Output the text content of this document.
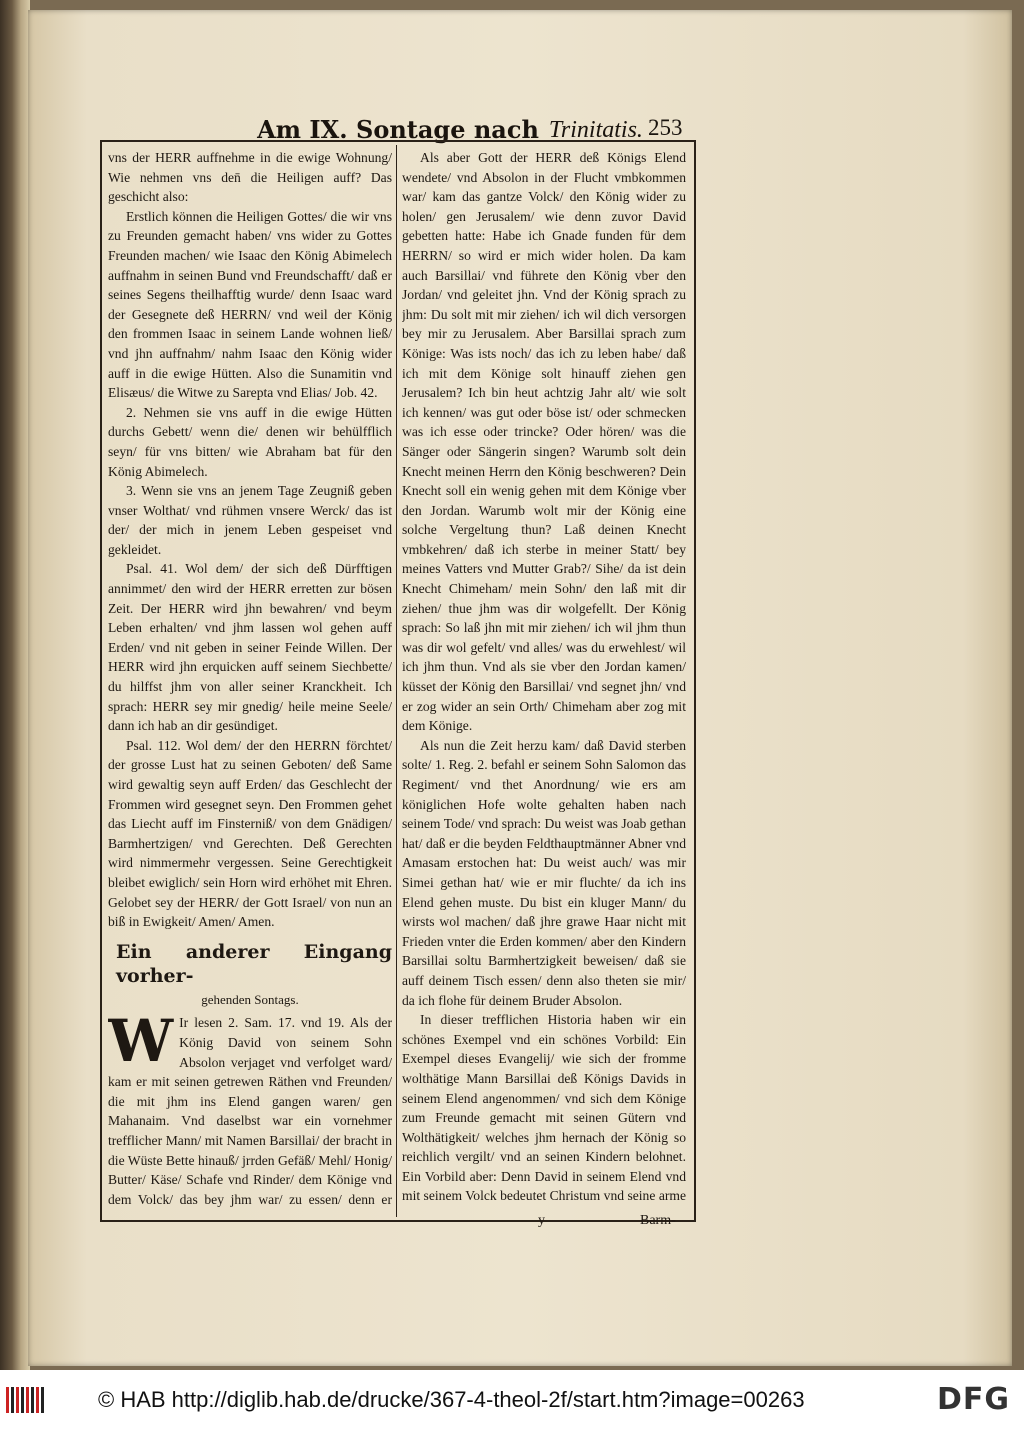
Am IX. Sontage nach Trinitatis. 253

vns der HERR auffnehme in die ewige Wohnung/ Wie nehmen vns den̄ die Heiligen auff? Das geschicht also:

Erstlich können die Heiligen Gottes/ die wir vns zu Freunden gemacht haben/ vns wider zu Gottes Freunden machen/ wie Isaac den König Abimelech auffnahm in seinen Bund vnd Freundschafft/ daß er seines Segens theilhafftig wurde/ denn Isaac ward der Gesegnete deß HERRN/ vnd weil der König den frommen Isaac in seinem Lande wohnen ließ/ vnd jhn auffnahm/ nahm Isaac den König wider auff in die ewige Hütten. Also die Sunamitin vnd Elisæus/ die Witwe zu Sarepta vnd Elias/ Job. 42.

2. Nehmen sie vns auff in die ewige Hütten durchs Gebett/ wenn die/ denen wir behülfflich seyn/ für vns bitten/ wie Abraham bat für den König Abimelech.

3. Wenn sie vns an jenem Tage Zeugniß geben vnser Wolthat/ vnd rühmen vnsere Werck/ das ist der/ der mich in jenem Leben gespeiset vnd gekleidet.

Psal. 41. Wol dem/ der sich deß Dürfftigen annimmet/ den wird der HERR erretten zur bösen Zeit. Der HERR wird jhn bewahren/ vnd beym Leben erhalten/ vnd jhm lassen wol gehen auff Erden/ vnd nit geben in seiner Feinde Willen. Der HERR wird jhn erquicken auff seinem Siechbette/ du hilffst jhm von aller seiner Kranckheit. Ich sprach: HERR sey mir gnedig/ heile meine Seele/ dann ich hab an dir gesündiget.

Psal. 112. Wol dem/ der den HERRN förchtet/ der grosse Lust hat zu seinen Geboten/ deß Same wird gewaltig seyn auff Erden/ das Geschlecht der Frommen wird gesegnet seyn. Den Frommen gehet das Liecht auff im Finsterniß/ von dem Gnädigen/ Barmhertzigen/ vnd Gerechten. Deß Gerechten wird nimmermehr vergessen. Seine Gerechtigkeit bleibet ewiglich/ sein Horn wird erhöhet mit Ehren. Gelobet sey der HERR/ der Gott Israel/ von nun an biß in Ewigkeit/ Amen/ Amen.

Ein anderer Eingang vorher-
gehenden Sontags.

W Ir lesen 2. Sam. 17. vnd 19. Als der König David von seinem Sohn Absolon verjaget vnd verfolget ward/ kam er mit seinen getrewen Räthen vnd Freunden/ die mit jhm ins Elend gangen waren/ gen Mahanaim. Vnd daselbst war ein vornehmer trefflicher Mann/ mit Namen Barsillai/ der bracht in die Wüste Bette hinauß/ jrrden Gefäß/ Mehl/ Honig/ Butter/ Käse/ Schafe vnd Rinder/ dem Könige vnd dem Volck/ das bey jhm war/ zu essen/ denn er

Als aber Gott der HERR deß Königs Elend wendete/ vnd Absolon in der Flucht vmbkommen war/ kam das gantze Volck/ den König wider zu holen/ gen Jerusalem/ wie denn zuvor David gebetten hatte: Habe ich Gnade funden für dem HERRN/ so wird er mich wider holen. Da kam auch Barsillai/ vnd führete den König vber den Jordan/ vnd geleitet jhn. Vnd der König sprach zu jhm: Du solt mit mir ziehen/ ich wil dich versorgen bey mir zu Jerusalem. Aber Barsillai sprach zum Könige: Was ists noch/ das ich zu leben habe/ daß ich mit dem Könige solt hinauff ziehen gen Jerusalem? Ich bin heut achtzig Jahr alt/ wie solt ich kennen/ was gut oder böse ist/ oder schmecken was ich esse oder trincke? Oder hören/ was die Sänger oder Sängerin singen? Warumb solt dein Knecht meinen Herrn den König beschweren? Dein Knecht soll ein wenig gehen mit dem Könige vber den Jordan. Warumb wolt mir der König eine solche Vergeltung thun? Laß deinen Knecht vmbkehren/ daß ich sterbe in meiner Statt/ bey meines Vatters vnd Mutter Grab?/ Sihe/ da ist dein Knecht Chimeham/ mein Sohn/ den laß mit dir ziehen/ thue jhm was dir wolgefellt. Der König sprach: So laß jhn mit mir ziehen/ ich wil jhm thun was dir wol gefelt/ vnd alles/ was du erwehlest/ wil ich jhm thun. Vnd als sie vber den Jordan kamen/ küsset der König den Barsillai/ vnd segnet jhn/ vnd er zog wider an sein Orth/ Chimeham aber zog mit dem Könige.

Als nun die Zeit herzu kam/ daß David sterben solte/ 1. Reg. 2. befahl er seinem Sohn Salomon das Regiment/ vnd thet Anordnung/ wie ers am königlichen Hofe wolte gehalten haben nach seinem Tode/ vnd sprach: Du weist was Joab gethan hat/ daß er die beyden Feldthauptmänner Abner vnd Amasam erstochen hat: Du weist auch/ was mir Simei gethan hat/ wie er mir fluchte/ da ich ins Elend gehen muste. Du bist ein kluger Mann/ du wirsts wol machen/ daß jhre grawe Haar nicht mit Frieden vnter die Erden kommen/ aber den Kindern Barsillai soltu Barmhertzigkeit beweisen/ daß sie auff deinem Tisch essen/ denn also theten sie mir/ da ich flohe für deinem Bruder Absolon.

In dieser trefflichen Historia haben wir ein schönes Exempel vnd ein schönes Vorbild: Ein Exempel dieses Evangelij/ wie sich der fromme wolthätige Mann Barsillai deß Königs Davids in seinem Elend angenommen/ vnd sich dem Könige zum Freunde gemacht mit seinen Gütern vnd Wolthätigkeit/ welches jhm hernach der König so reichlich vergilt/ vnd an seinen Kindern belohnet. Ein Vorbild aber: Denn David in seinem Elend vnd mit seinem Volck bedeutet Christum vnd seine arme

y	Barm-
© HAB http://diglib.hab.de/drucke/367-4-theol-2f/start.htm?image=00263	DFG
